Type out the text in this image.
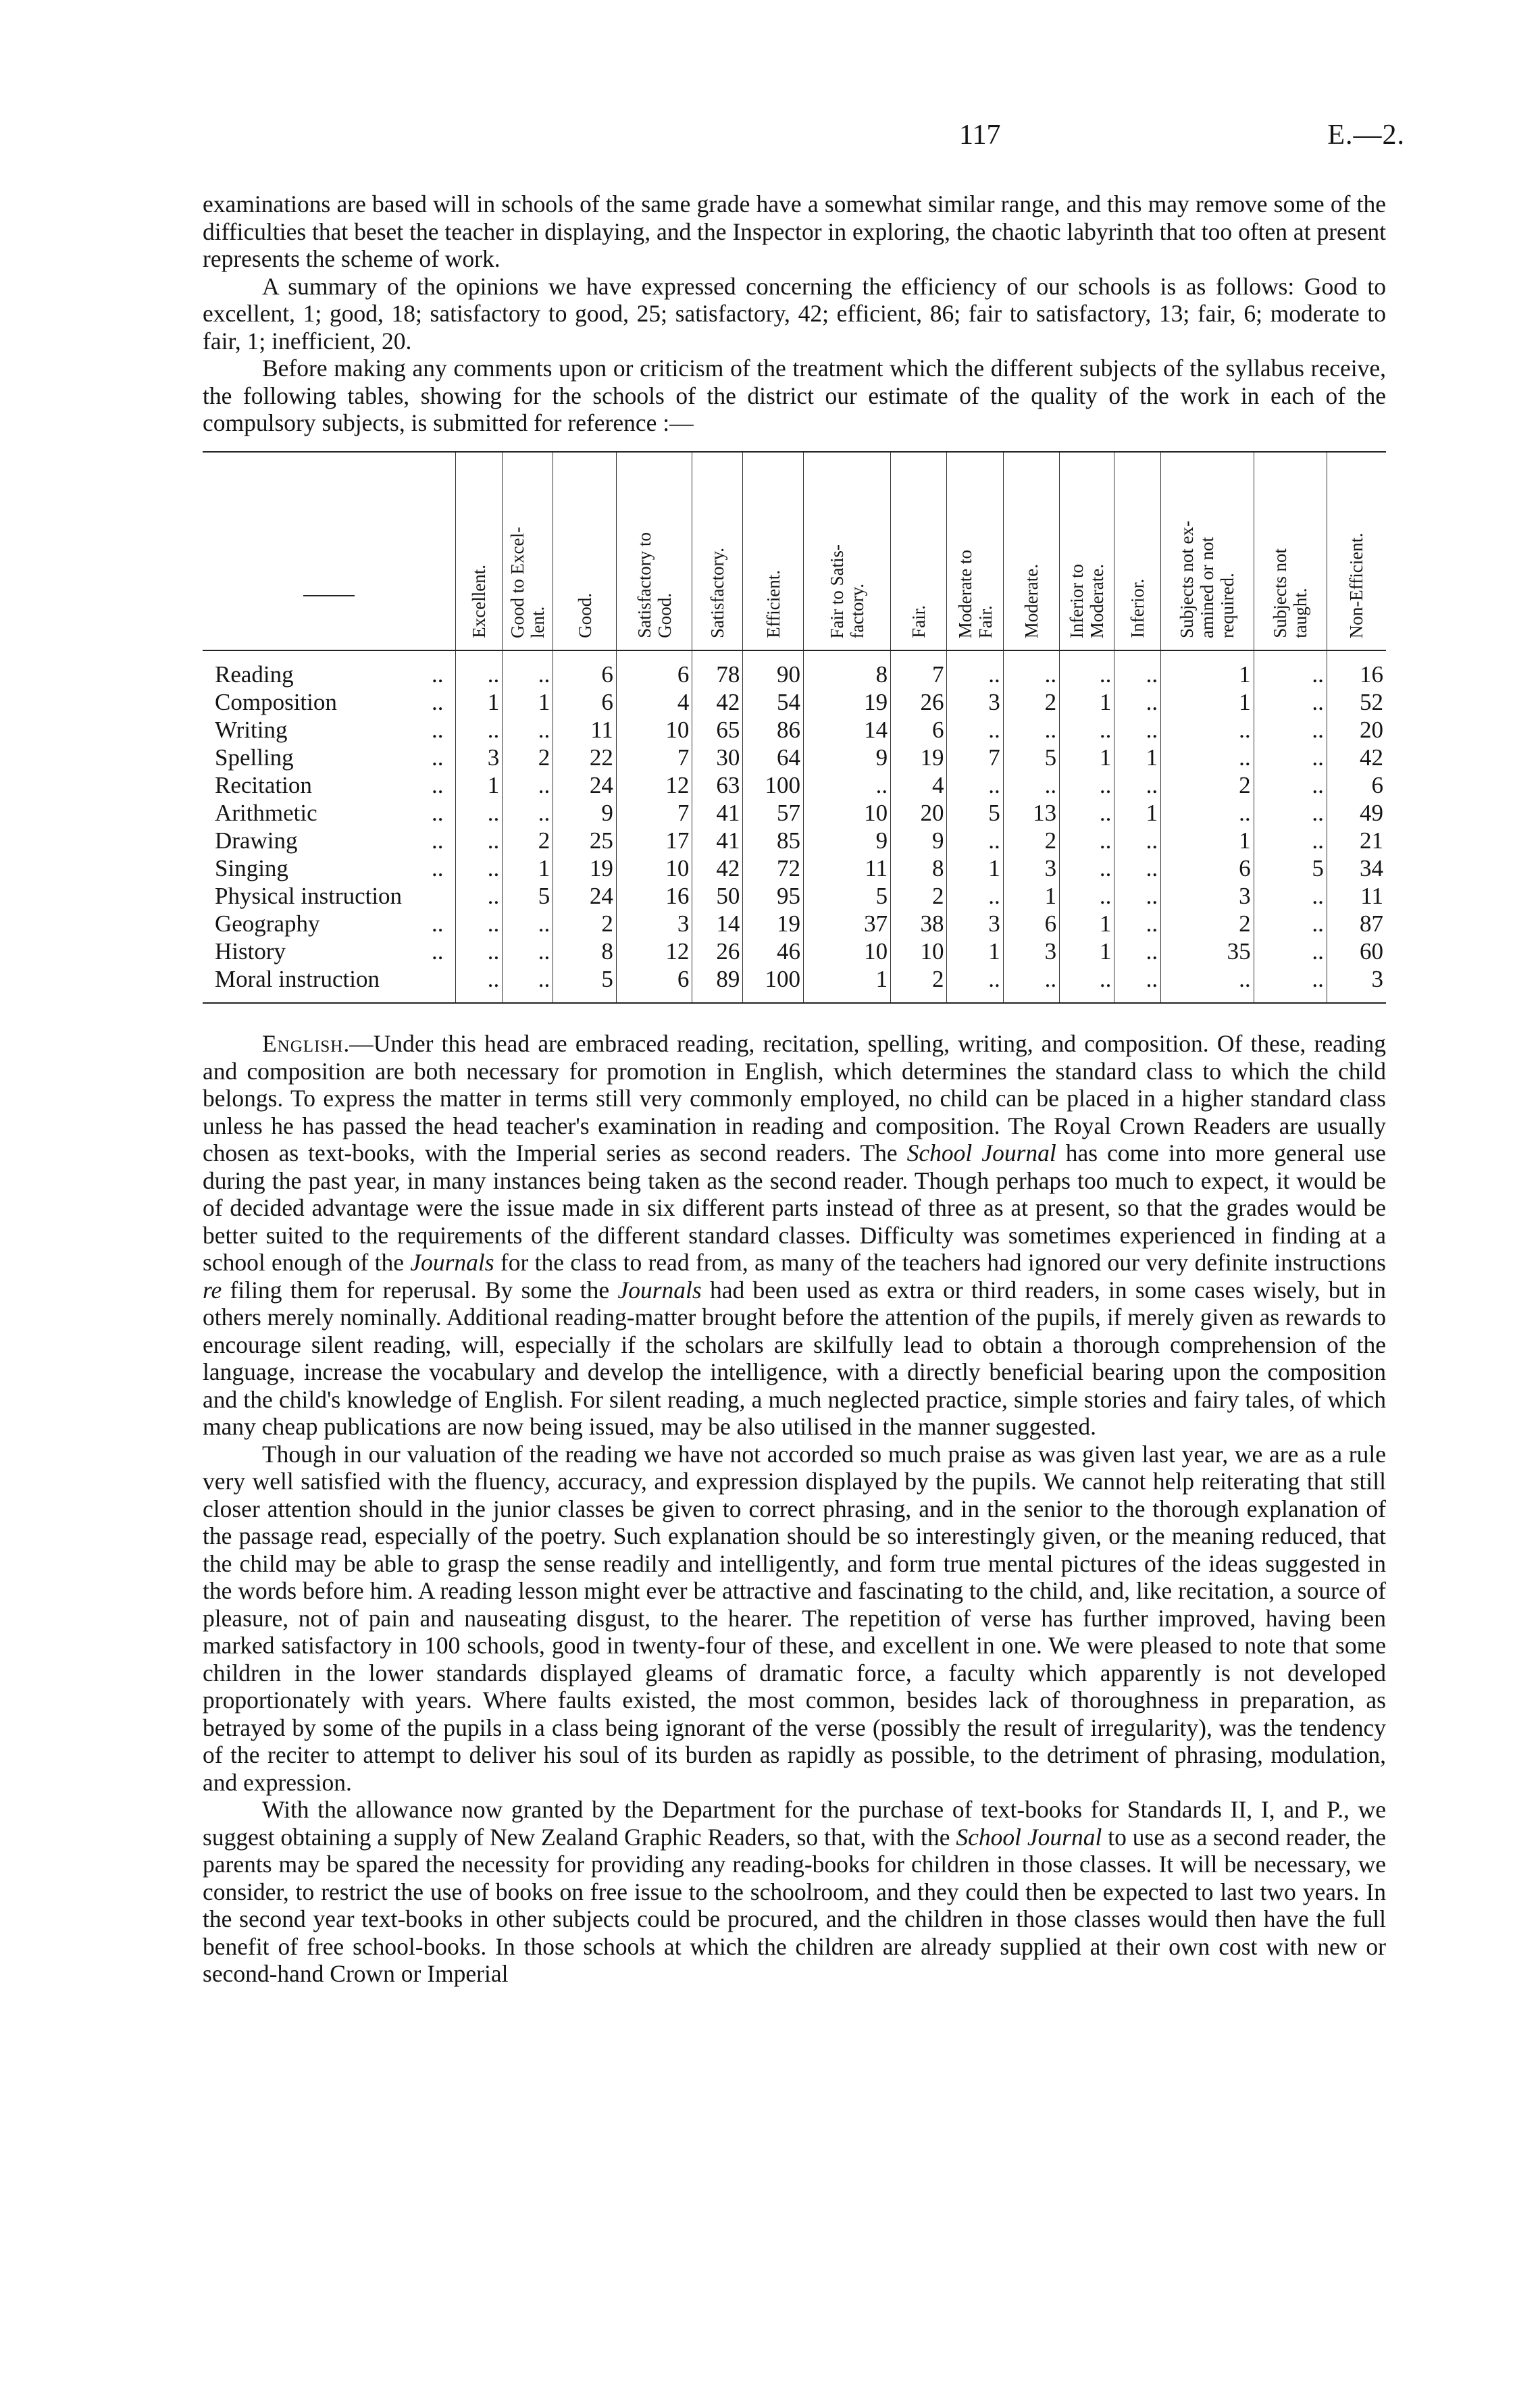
117	E.—2.

examinations are based will in schools of the same grade have a somewhat similar range, and this may remove some of the difficulties that beset the teacher in displaying, and the Inspector in exploring, the chaotic labyrinth that too often at present represents the scheme of work.

A summary of the opinions we have expressed concerning the efficiency of our schools is as follows: Good to excellent, 1; good, 18; satisfactory to good, 25; satisfactory, 42; efficient, 86; fair to satisfactory, 13; fair, 6; moderate to fair, 1; inefficient, 20.

Before making any comments upon or criticism of the treatment which the different subjects of the syllabus receive, the following tables, showing for the schools of the district our estimate of the quality of the work in each of the compulsory subjects, is submitted for reference :—

	Excellent.	Good to Excel-
lent.	Good.	Satisfactory to
Good.	Satisfactory.	Efficient.	Fair to Satis-
factory.	Fair.	Moderate to
Fair.	Moderate.	Inferior to
Moderate.	Inferior.	Subjects not ex-
amined or not
required.	Subjects not
taught.	Non-Efficient.
Reading ..	..	..	6	6	78	90	8	7	..	..	..	..	1	..	16
Composition ..	1	1	6	4	42	54	19	26	3	2	1	..	1	..	52
Writing ..	..	..	11	10	65	86	14	6	..	..	..	..	..	..	20
Spelling ..	3	2	22	7	30	64	9	19	7	5	1	1	..	..	42
Recitation ..	1	..	24	12	63	100	..	4	..	..	..	..	2	..	6
Arithmetic ..	..	..	9	7	41	57	10	20	5	13	..	1	..	..	49
Drawing ..	..	2	25	17	41	85	9	9	..	2	..	..	1	..	21
Singing ..	..	1	19	10	42	72	11	8	1	3	..	..	6	5	34
Physical instruction	..	5	24	16	50	95	5	2	..	1	..	..	3	..	11
Geography ..	..	..	2	3	14	19	37	38	3	6	1	..	2	..	87
History ..	..	..	8	12	26	46	10	10	1	3	1	..	35	..	60
Moral instruction	..	..	5	6	89	100	1	2	..	..	..	..	..	..	3

English.—Under this head are embraced reading, recitation, spelling, writing, and composition. Of these, reading and composition are both necessary for promotion in English, which determines the standard class to which the child belongs. To express the matter in terms still very commonly employed, no child can be placed in a higher standard class unless he has passed the head teacher's examination in reading and composition. The Royal Crown Readers are usually chosen as text-books, with the Imperial series as second readers. The School Journal has come into more general use during the past year, in many instances being taken as the second reader. Though perhaps too much to expect, it would be of decided advantage were the issue made in six different parts instead of three as at present, so that the grades would be better suited to the requirements of the different standard classes. Difficulty was sometimes experienced in finding at a school enough of the Journals for the class to read from, as many of the teachers had ignored our very definite instructions re filing them for reperusal. By some the Journals had been used as extra or third readers, in some cases wisely, but in others merely nominally. Additional reading-matter brought before the attention of the pupils, if merely given as rewards to encourage silent reading, will, especially if the scholars are skilfully lead to obtain a thorough comprehension of the language, increase the vocabulary and develop the intelligence, with a directly beneficial bearing upon the composition and the child's knowledge of English. For silent reading, a much neglected practice, simple stories and fairy tales, of which many cheap publications are now being issued, may be also utilised in the manner suggested.

Though in our valuation of the reading we have not accorded so much praise as was given last year, we are as a rule very well satisfied with the fluency, accuracy, and expression displayed by the pupils. We cannot help reiterating that still closer attention should in the junior classes be given to correct phrasing, and in the senior to the thorough explanation of the passage read, especially of the poetry. Such explanation should be so interestingly given, or the meaning reduced, that the child may be able to grasp the sense readily and intelligently, and form true mental pictures of the ideas suggested in the words before him. A reading lesson might ever be attractive and fascinating to the child, and, like recitation, a source of pleasure, not of pain and nauseating disgust, to the hearer. The repetition of verse has further improved, having been marked satisfactory in 100 schools, good in twenty-four of these, and excellent in one. We were pleased to note that some children in the lower standards displayed gleams of dramatic force, a faculty which apparently is not developed proportionately with years. Where faults existed, the most common, besides lack of thoroughness in preparation, as betrayed by some of the pupils in a class being ignorant of the verse (possibly the result of irregularity), was the tendency of the reciter to attempt to deliver his soul of its burden as rapidly as possible, to the detriment of phrasing, modulation, and expression.

With the allowance now granted by the Department for the purchase of text-books for Standards II, I, and P., we suggest obtaining a supply of New Zealand Graphic Readers, so that, with the School Journal to use as a second reader, the parents may be spared the necessity for providing any reading-books for children in those classes. It will be necessary, we consider, to restrict the use of books on free issue to the schoolroom, and they could then be expected to last two years. In the second year text-books in other subjects could be procured, and the children in those classes would then have the full benefit of free school-books. In those schools at which the children are already supplied at their own cost with new or second-hand Crown or Imperial
